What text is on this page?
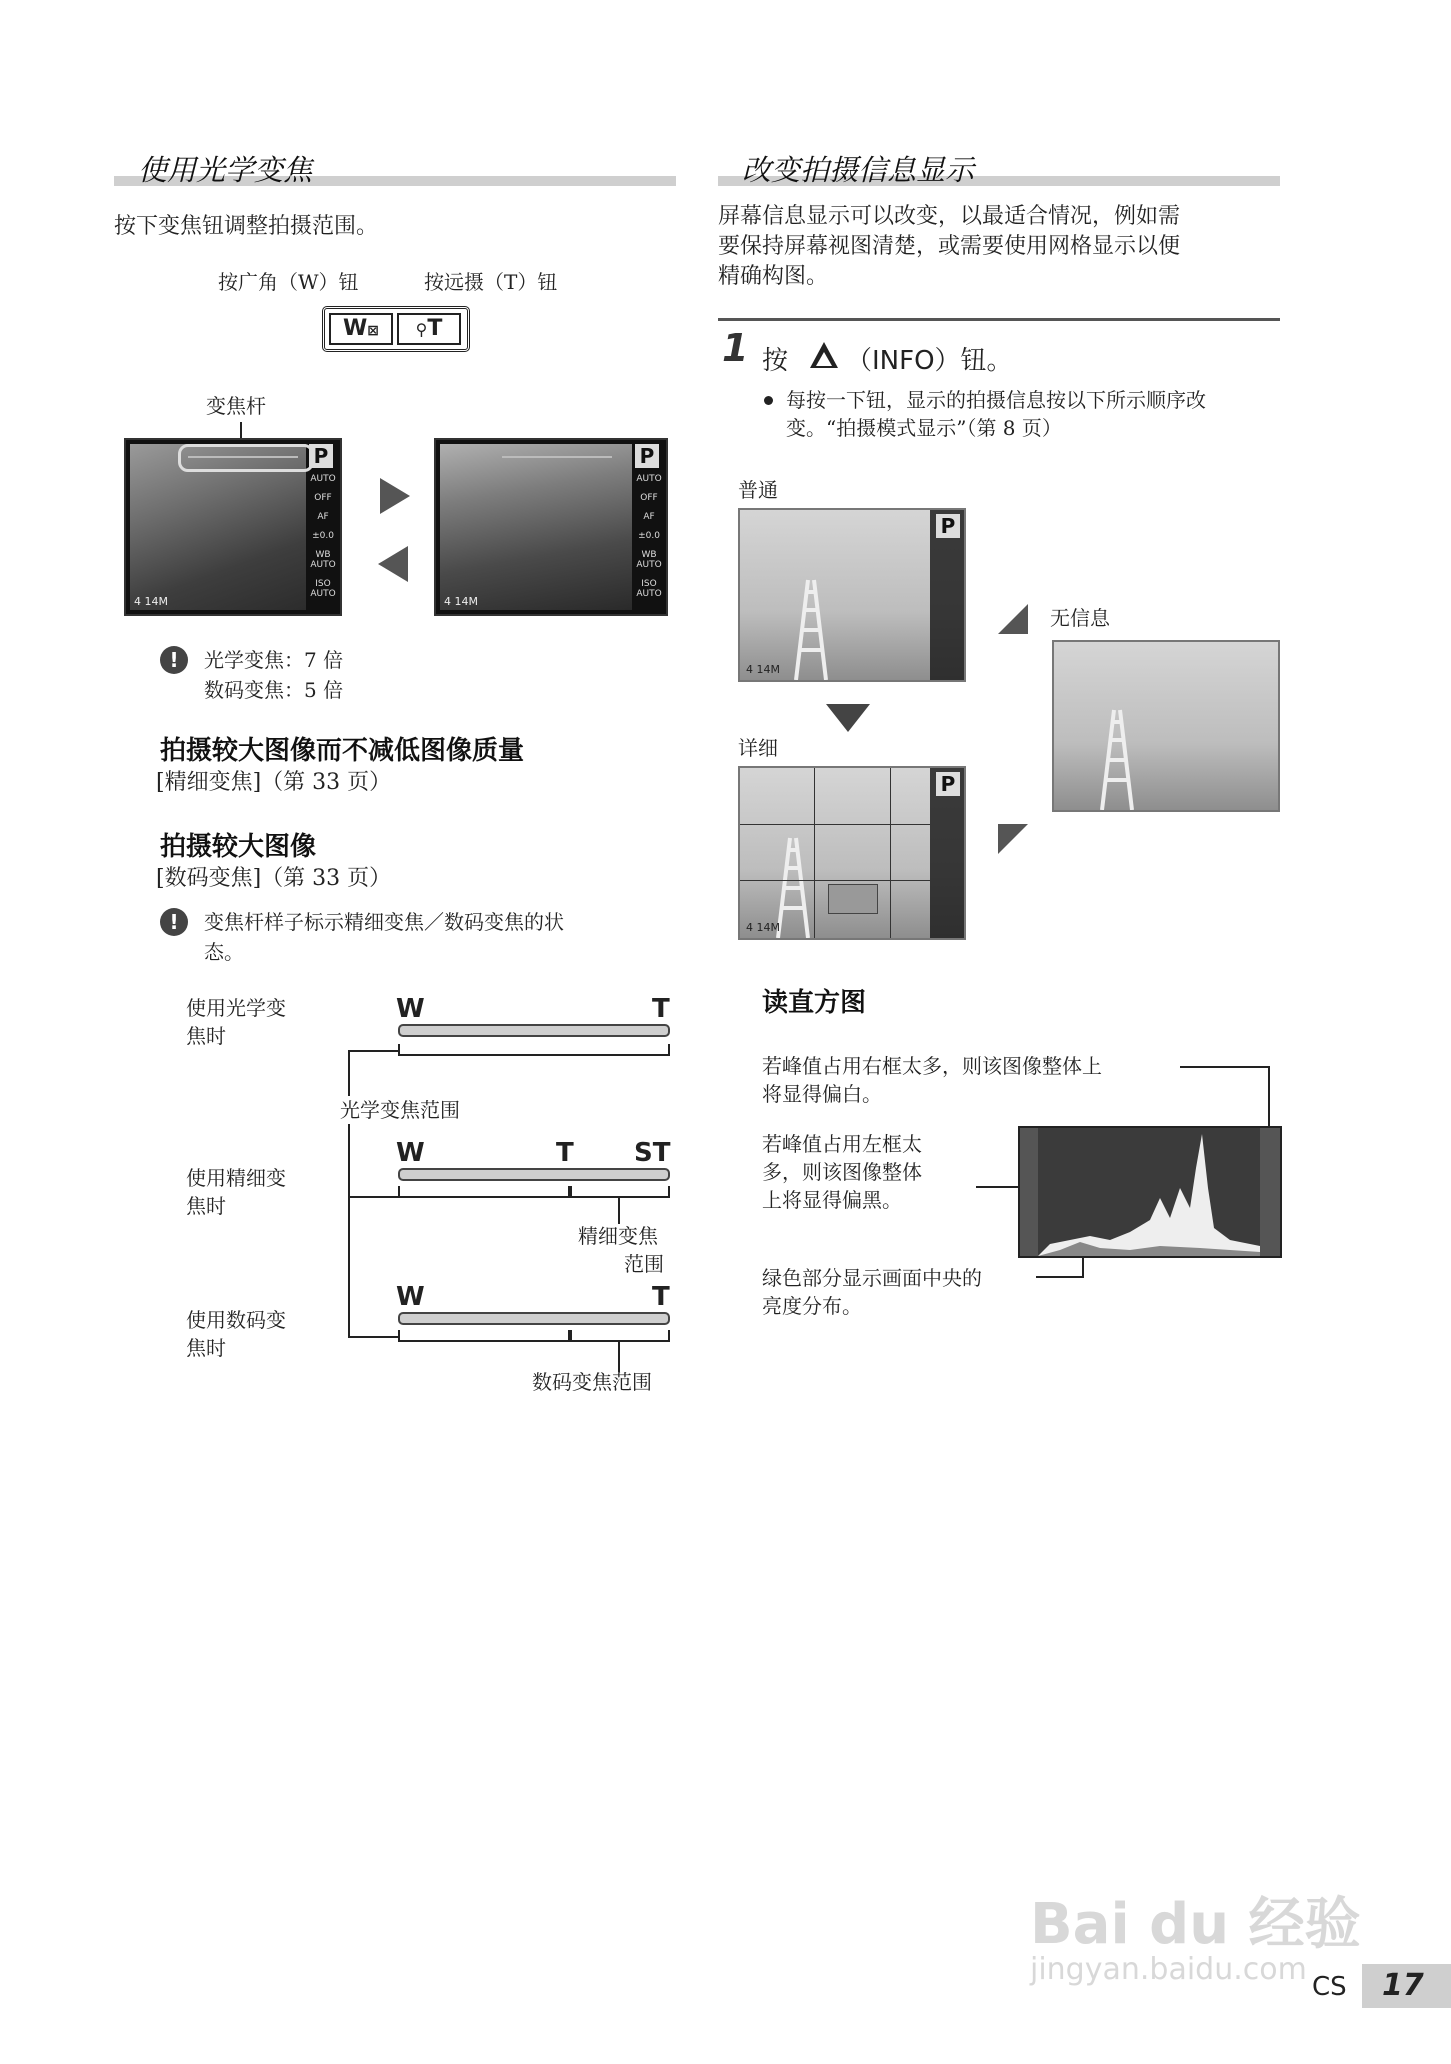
使用光学变焦
按下变焦钮调整拍摄范围。
按广角（W）钮	按远摄（T）钮
W⊠	⚲T
变焦杆
P
AUTO
OFF
AF
±0.0
WB AUTO
ISO AUTO
4 14M
P
AUTO
OFF
AF
±0.0
WB AUTO
ISO AUTO
4 14M
!	光学变焦：7 倍
数码变焦：5 倍
拍摄较大图像而不减低图像质量
[精细变焦]（第 33 页）
拍摄较大图像
[数码变焦]（第 33 页）
!	变焦杆样子标示精细变焦／数码变焦的状
态。
使用光学变
焦时
W	T
光学变焦范围
使用精细变
焦时
W	T ST
精细变焦
范围
使用数码变
焦时
W	T
数码变焦范围
改变拍摄信息显示
屏幕信息显示可以改变，以最适合情况，例如需
要保持屏幕视图清楚，或需要使用网格显示以便
精确构图。
1 按 （INFO）钮。
每按一下钮，显示的拍摄信息按以下所示顺序改
变。“拍摄模式显示”（第 8 页）
普通
P
4 14M
详细
P
4 14M
无信息
读直方图
若峰值占用右框太多，则该图像整体上
将显得偏白。
若峰值占用左框太
多，则该图像整体
上将显得偏黑。
绿色部分显示画面中央的
亮度分布。
Bai du 经验
jingyan.baidu.com CS 17
